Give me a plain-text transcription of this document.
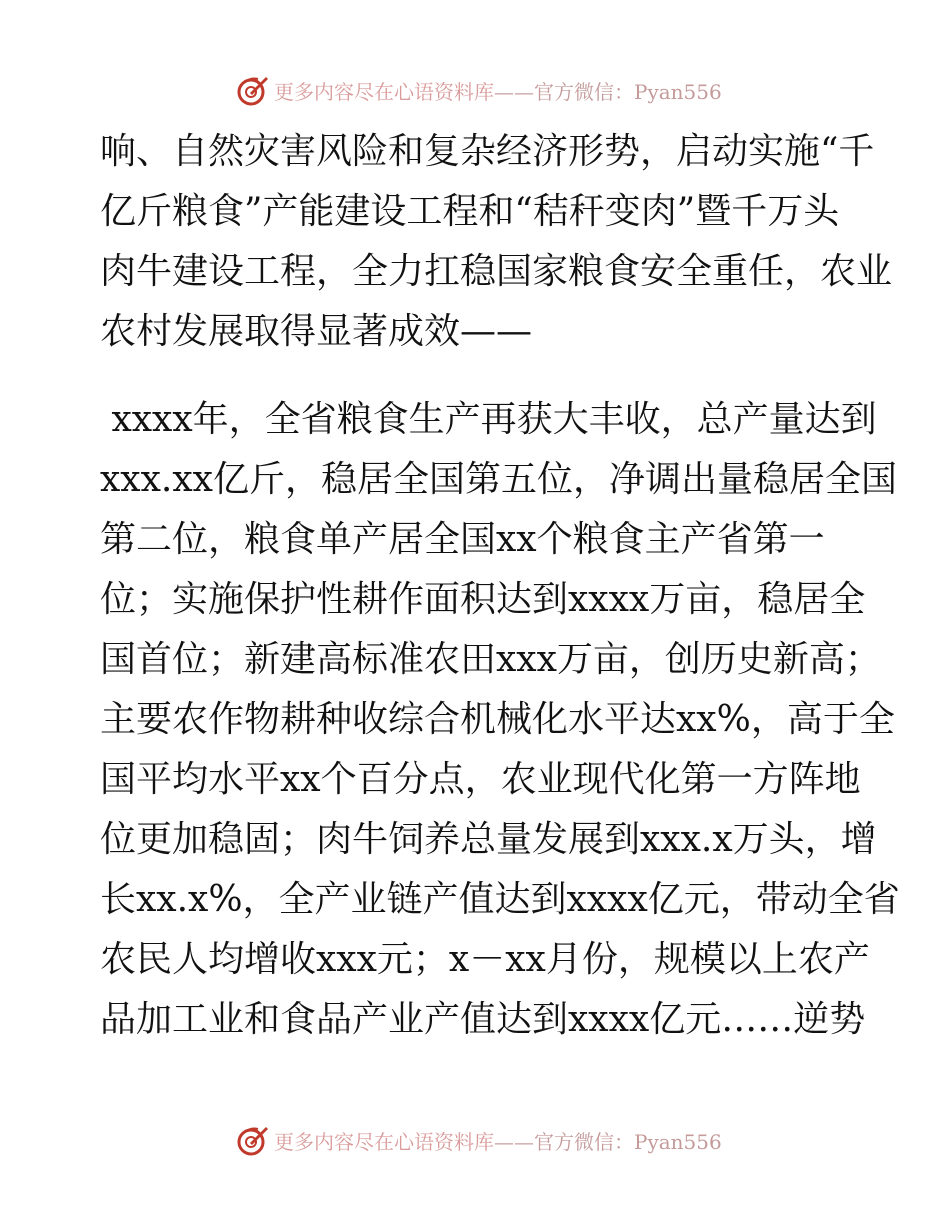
更多内容尽在心语资料库——官方微信：Pyan556
响、自然灾害风险和复杂经济形势，启动实施“千
亿斤粮食”产能建设工程和“秸秆变肉”暨千万头
肉牛建设工程，全力扛稳国家粮食安全重任，农业
农村发展取得显著成效——
xxxx年，全省粮食生产再获大丰收，总产量达到
xxx.xx亿斤，稳居全国第五位，净调出量稳居全国
第二位，粮食单产居全国xx个粮食主产省第一
位；实施保护性耕作面积达到xxxx万亩，稳居全
国首位；新建高标准农田xxx万亩，创历史新高；
主要农作物耕种收综合机械化水平达xx%，高于全
国平均水平xx个百分点，农业现代化第一方阵地
位更加稳固；肉牛饲养总量发展到xxx.x万头，增
长xx.x%，全产业链产值达到xxxx亿元，带动全省
农民人均增收xxx元；x－xx月份，规模以上农产
品加工业和食品产业产值达到xxxx亿元……逆势
更多内容尽在心语资料库——官方微信：Pyan556
